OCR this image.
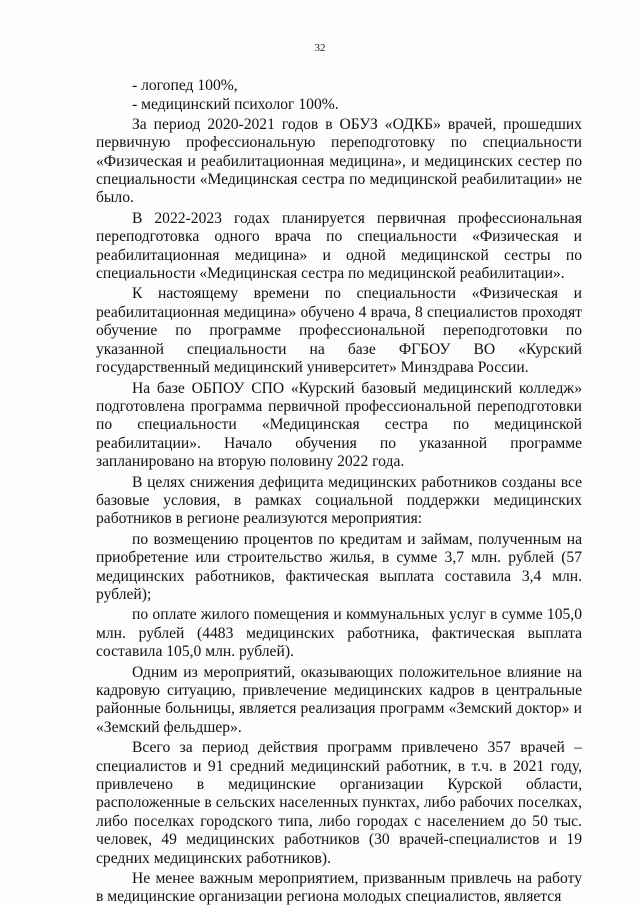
32

- логопед 100%,

- медицинский психолог 100%.

За период 2020-2021 годов в ОБУЗ «ОДКБ» врачей, прошедших первичную профессиональную переподготовку по специальности «Физическая и реабилитационная медицина», и медицинских сестер по специальности «Медицинская сестра по медицинской реабилитации» не было.

В 2022-2023 годах планируется первичная профессиональная переподготовка одного врача по специальности «Физическая и реабилитационная медицина» и одной медицинской сестры по специальности «Медицинская сестра по медицинской реабилитации».

К настоящему времени по специальности «Физическая и реабилитационная медицина» обучено 4 врача, 8 специалистов проходят обучение по программе профессиональной переподготовки по указанной специальности на базе ФГБОУ ВО «Курский государственный медицинский университет» Минздрава России.

На базе ОБПОУ СПО «Курский базовый медицинский колледж» подготовлена программа первичной профессиональной переподготовки по специальности «Медицинская сестра по медицинской реабилитации». Начало обучения по указанной программе запланировано на вторую половину 2022 года.

В целях снижения дефицита медицинских работников созданы все базовые условия, в рамках социальной поддержки медицинских работников в регионе реализуются мероприятия:

по возмещению процентов по кредитам и займам, полученным на приобретение или строительство жилья, в сумме 3,7 млн. рублей (57 медицинских работников, фактическая выплата составила 3,4 млн. рублей);

по оплате жилого помещения и коммунальных услуг в сумме 105,0 млн. рублей (4483 медицинских работника, фактическая выплата составила 105,0 млн. рублей).

Одним из мероприятий, оказывающих положительное влияние на кадровую ситуацию, привлечение медицинских кадров в центральные районные больницы, является реализация программ «Земский доктор» и «Земский фельдшер».

Всего за период действия программ привлечено 357 врачей – специалистов и 91 средний медицинский работник, в т.ч. в 2021 году, привлечено в медицинские организации Курской области, расположенные в сельских населенных пунктах, либо рабочих поселках, либо поселках городского типа, либо городах с населением до 50 тыс. человек, 49 медицинских работников (30 врачей-специалистов и 19 средних медицинских работников).

Не менее важным мероприятием, призванным привлечь на работу в медицинские организации региона молодых специалистов, является
